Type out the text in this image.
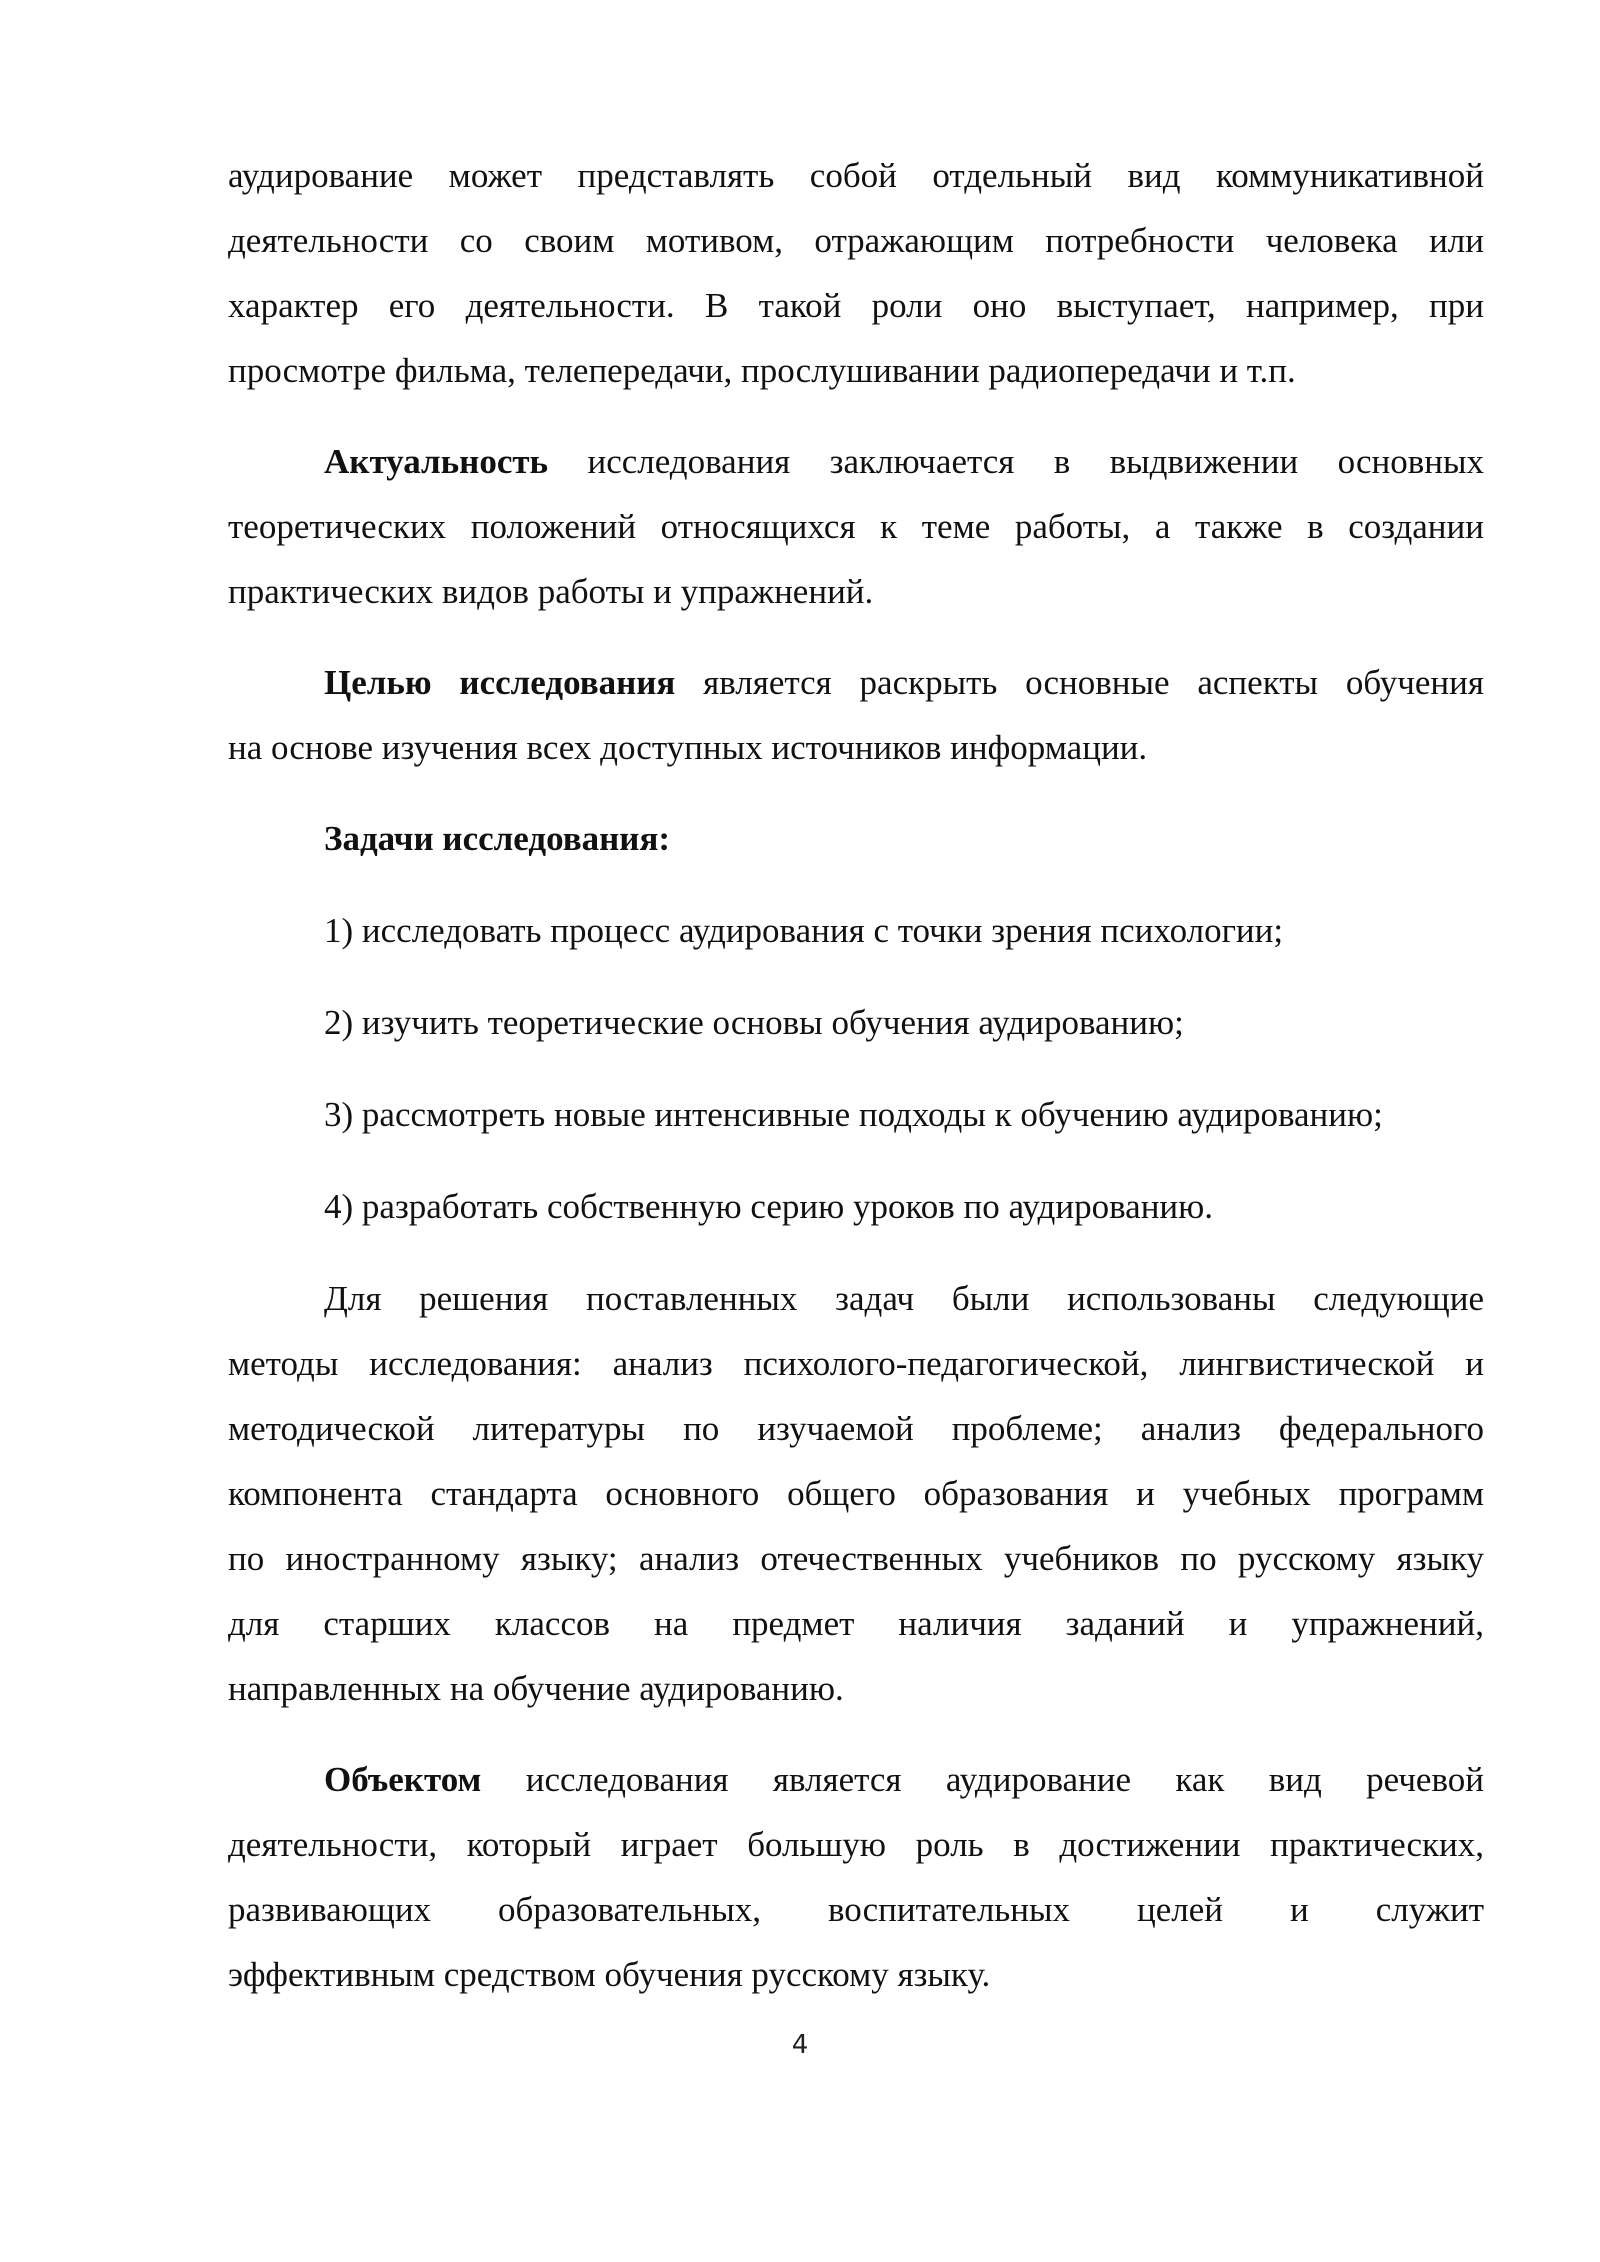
аудирование может представлять собой отдельный вид коммуникативной
деятельности со своим мотивом, отражающим потребности человека или
характер его деятельности. В такой роли оно выступает, например, при
просмотре фильма, телепередачи, прослушивании радиопередачи и т.п.
Актуальность исследования заключается в выдвижении основных
теоретических положений относящихся к теме работы, а также в создании
практических видов работы и упражнений.
Целью исследования является раскрыть основные аспекты обучения
на основе изучения всех доступных источников информации.
Задачи исследования:
1) исследовать процесс аудирования с точки зрения психологии;
2) изучить теоретические основы обучения аудированию;
3) рассмотреть новые интенсивные подходы к обучению аудированию;
4) разработать собственную серию уроков по аудированию.
Для решения поставленных задач были использованы следующие
методы исследования: анализ психолого-педагогической, лингвистической и
методической литературы по изучаемой проблеме; анализ федерального
компонента стандарта основного общего образования и учебных программ
по иностранному языку; анализ отечественных учебников по русскому языку
для старших классов на предмет наличия заданий и упражнений,
направленных на обучение аудированию.
Объектом исследования является аудирование как вид речевой
деятельности, который играет большую роль в достижении практических,
развивающих образовательных, воспитательных целей и служит
эффективным средством обучения русскому языку.
4
